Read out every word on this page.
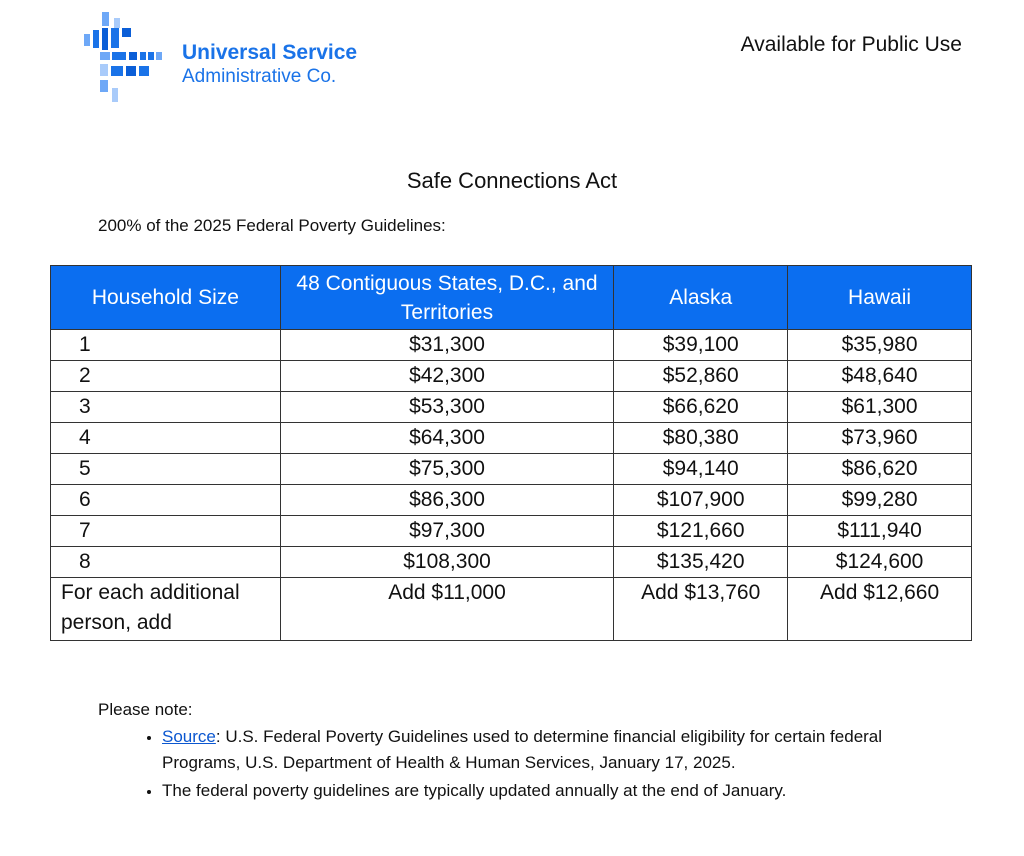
Universal Service
Administrative Co.
Available for Public Use
Safe Connections Act
200% of the 2025 Federal Poverty Guidelines:
Household Size	48 Contiguous States, D.C., and Territories	Alaska	Hawaii
1	$31,300	$39,100	$35,980
2	$42,300	$52,860	$48,640
3	$53,300	$66,620	$61,300
4	$64,300	$80,380	$73,960
5	$75,300	$94,140	$86,620
6	$86,300	$107,900	$99,280
7	$97,300	$121,660	$111,940
8	$108,300	$135,420	$124,600
For each additional person, add	Add $11,000	Add $13,760	Add $12,660
Please note:
• Source: U.S. Federal Poverty Guidelines used to determine financial eligibility for certain federal Programs, U.S. Department of Health & Human Services, January 17, 2025.
• The federal poverty guidelines are typically updated annually at the end of January.
